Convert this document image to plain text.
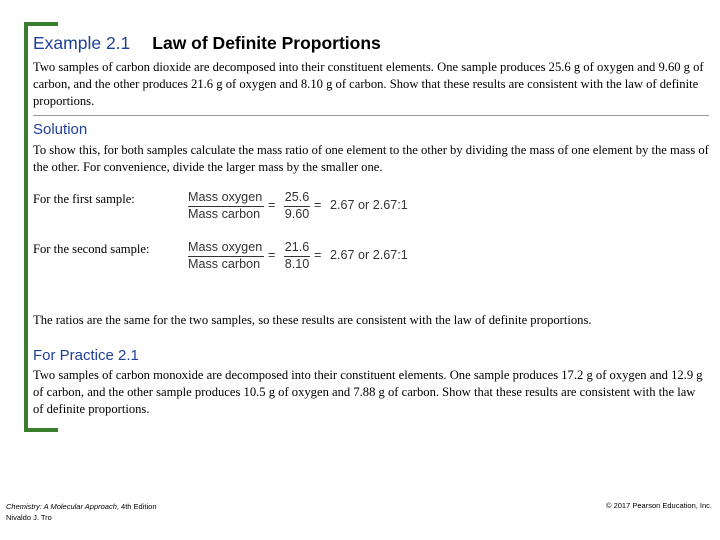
Example 2.1 Law of Definite Proportions
Two samples of carbon dioxide are decomposed into their constituent elements. One sample produces 25.6 g of oxygen and 9.60 g of carbon, and the other produces 21.6 g of oxygen and 8.10 g of carbon. Show that these results are consistent with the law of definite proportions.
Solution
To show this, for both samples calculate the mass ratio of one element to the other by dividing the mass of one element by the mass of the other. For convenience, divide the larger mass by the smaller one.
For the first sample:	Mass oxygen
Mass carbon
=
25.6
9.60
= 2.67 or 2.67:1
For the second sample:	Mass oxygen
Mass carbon
=
21.6
8.10
= 2.67 or 2.67:1
The ratios are the same for the two samples, so these results are consistent with the law of definite proportions.
For Practice 2.1
Two samples of carbon monoxide are decomposed into their constituent elements. One sample produces 17.2 g of oxygen and 12.9 g of carbon, and the other sample produces 10.5 g of oxygen and 7.88 g of carbon. Show that these results are consistent with the law of definite proportions.
Chemistry: A Molecular Approach, 4th Edition
Nivaldo J. Tro
© 2017 Pearson Education, Inc.
